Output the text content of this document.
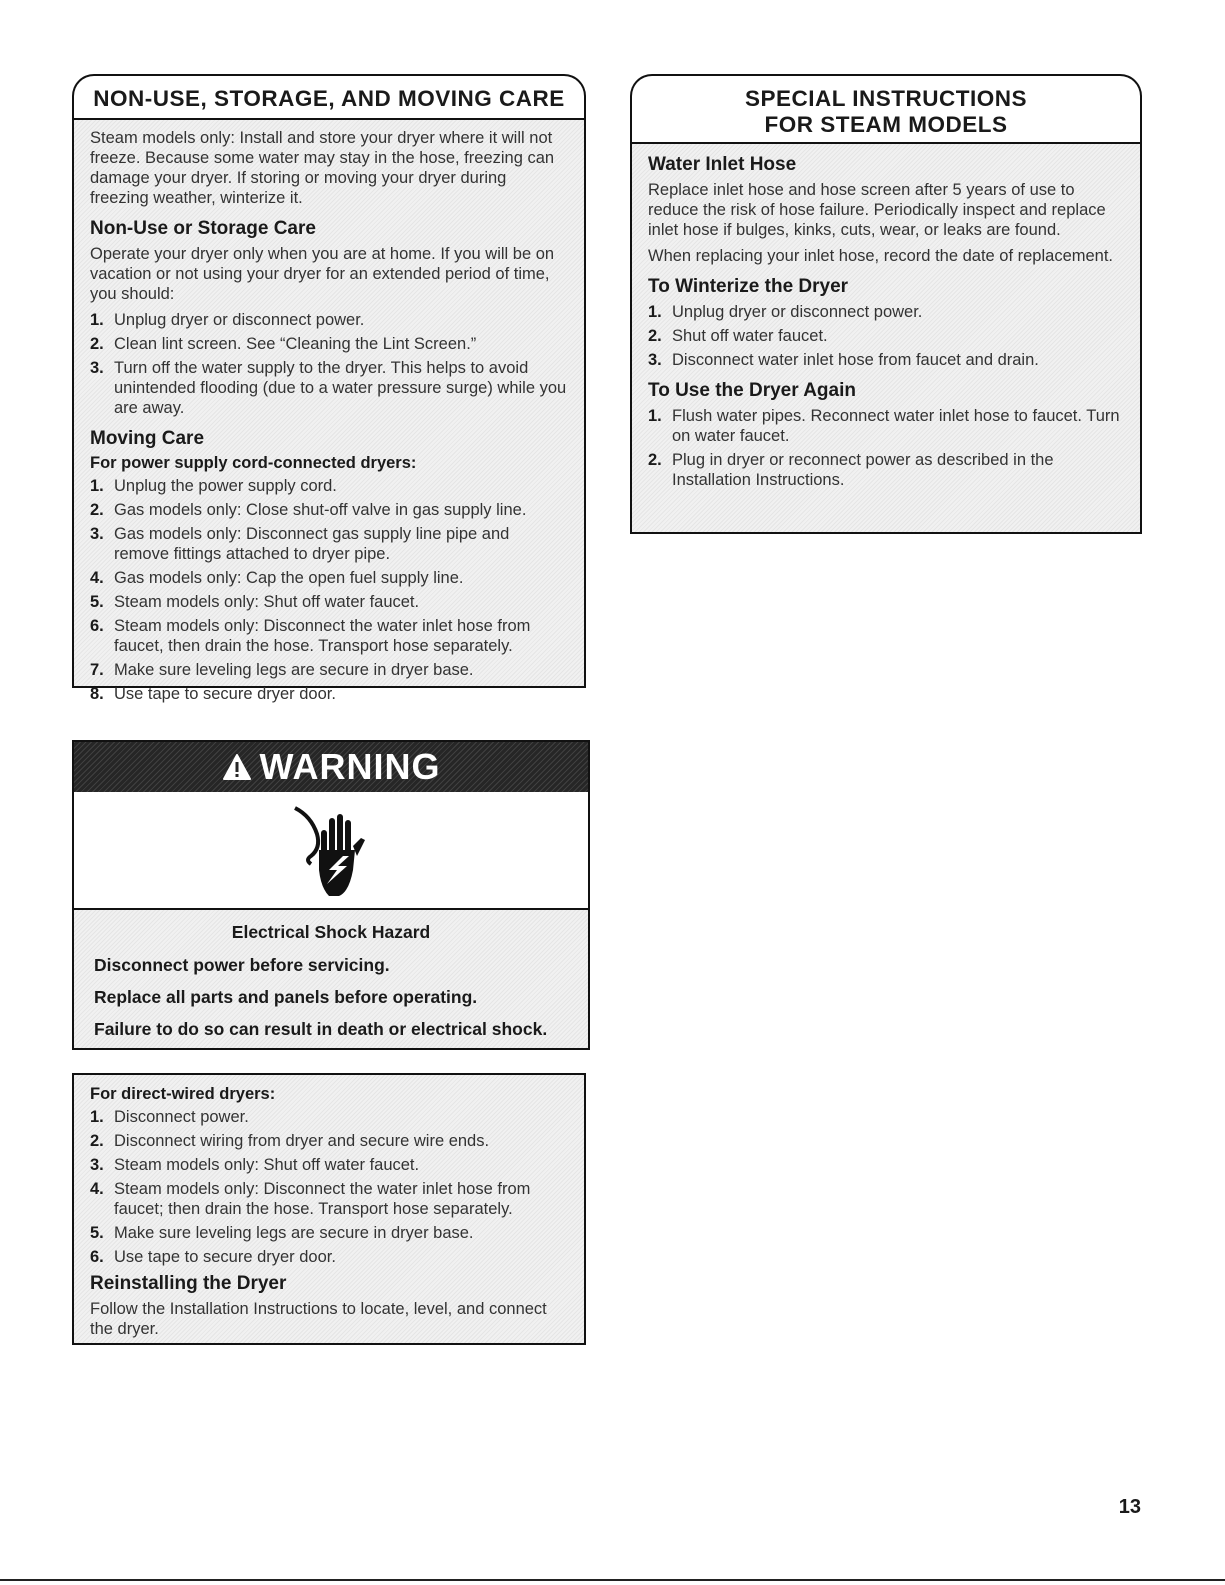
NON-USE, STORAGE, AND MOVING CARE

Steam models only: Install and store your dryer where it will not freeze. Because some water may stay in the hose, freezing can damage your dryer. If storing or moving your dryer during freezing weather, winterize it.

Non-Use or Storage Care

Operate your dryer only when you are at home. If you will be on vacation or not using your dryer for an extended period of time, you should:

1. Unplug dryer or disconnect power.
2. Clean lint screen. See “Cleaning the Lint Screen.”
3. Turn off the water supply to the dryer. This helps to avoid unintended flooding (due to a water pressure surge) while you are away.
Moving Care
For power supply cord-connected dryers:
1. Unplug the power supply cord.
2. Gas models only: Close shut-off valve in gas supply line.
3. Gas models only: Disconnect gas supply line pipe and remove fittings attached to dryer pipe.
4. Gas models only: Cap the open fuel supply line.
5. Steam models only: Shut off water faucet.
6. Steam models only: Disconnect the water inlet hose from faucet, then drain the hose. Transport hose separately.
7. Make sure leveling legs are secure in dryer base.
8. Use tape to secure dryer door.
WARNING
Electrical Shock Hazard
Disconnect power before servicing.
Replace all parts and panels before operating.
Failure to do so can result in death or electrical shock.
For direct-wired dryers:
1. Disconnect power.
2. Disconnect wiring from dryer and secure wire ends.
3. Steam models only: Shut off water faucet.
4. Steam models only: Disconnect the water inlet hose from faucet; then drain the hose. Transport hose separately.
5. Make sure leveling legs are secure in dryer base.
6. Use tape to secure dryer door.
Reinstalling the Dryer

Follow the Installation Instructions to locate, level, and connect the dryer.

SPECIAL INSTRUCTIONS
FOR STEAM MODELS
Water Inlet Hose

Replace inlet hose and hose screen after 5 years of use to reduce the risk of hose failure. Periodically inspect and replace inlet hose if bulges, kinks, cuts, wear, or leaks are found.

When replacing your inlet hose, record the date of replacement.

To Winterize the Dryer
1. Unplug dryer or disconnect power.
2. Shut off water faucet.
3. Disconnect water inlet hose from faucet and drain.
To Use the Dryer Again
1. Flush water pipes. Reconnect water inlet hose to faucet. Turn on water faucet.
2. Plug in dryer or reconnect power as described in the Installation Instructions.
13
